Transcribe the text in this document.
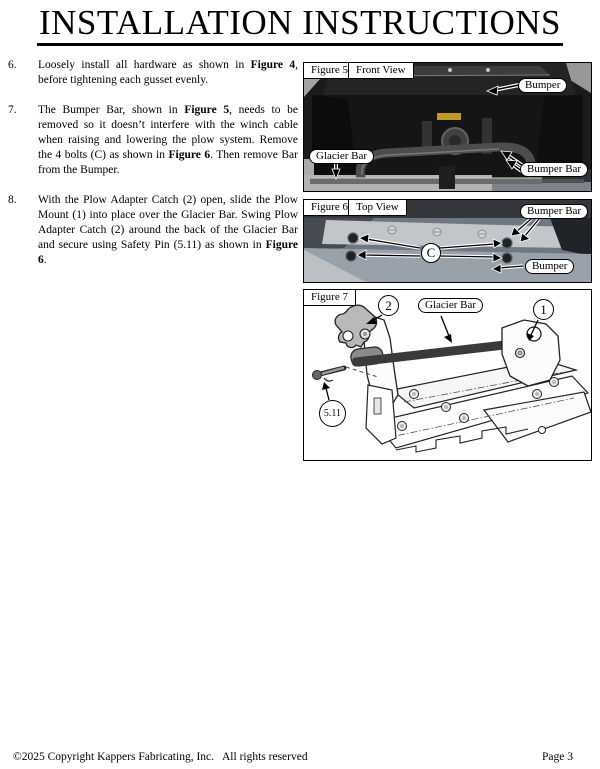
INSTALLATION INSTRUCTIONS
6.	Loosely install all hardware as shown in Figure 4, before tightening each gusset evenly.
7.	The Bumper Bar, shown in Figure 5, needs to be removed so it doesn’t interfere with the winch cable when raising and lowering the plow system. Remove the 4 bolts (C) as shown in Figure 6. Then remove Bar from the Bumper.
8.	With the Plow Adapter Catch (2) open, slide the Plow Mount (1) into place over the Glacier Bar. Swing Plow Adapter Catch (2) around the back of the Glacier Bar and secure using Safety Pin (5.11) as shown in Figure 6.
Figure 5 Front View
Bumper
Glacier Bar
Bumper Bar
Figure 6 Top View	Bumper Bar
C
Bumper
Figure 7
2	Glacier Bar	1
5.11
©2025 Copyright Kappers Fabricating, Inc.   All rights reserved	Page 3
